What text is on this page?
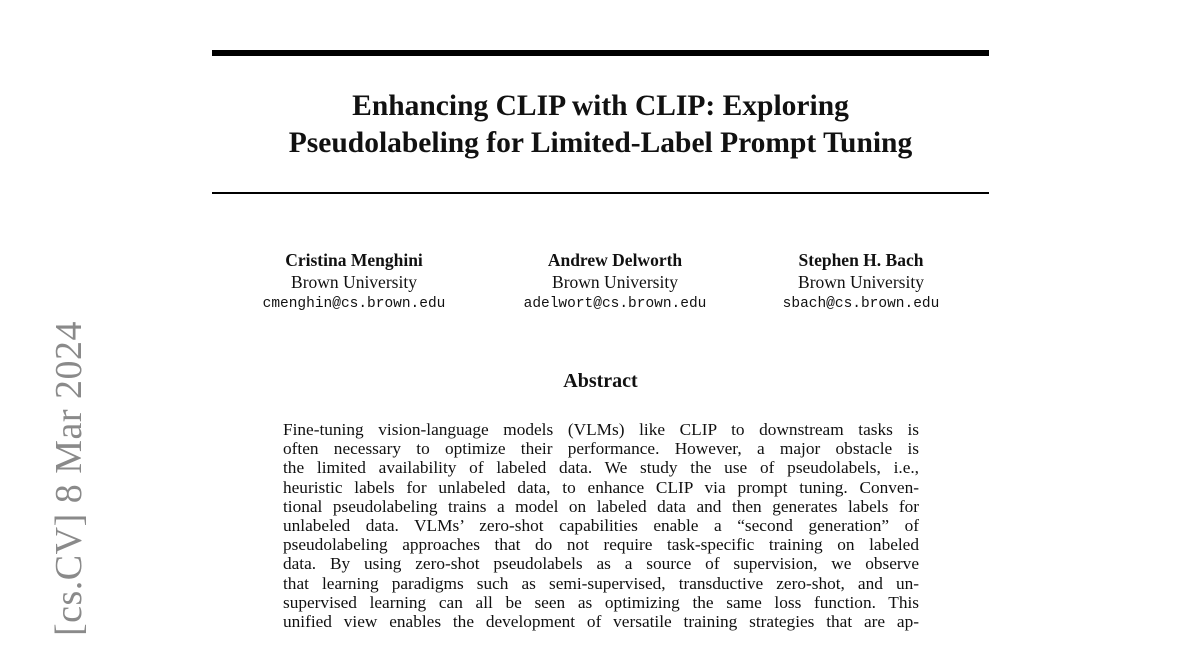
Enhancing CLIP with CLIP: Exploring
Pseudolabeling for Limited-Label Prompt Tuning
Cristina Menghini
Brown University
cmenghin@cs.brown.edu
Andrew Delworth
Brown University
adelwort@cs.brown.edu
Stephen H. Bach
Brown University
sbach@cs.brown.edu
Abstract
Fine-tuning vision-language models (VLMs) like CLIP to downstream tasks is
often necessary to optimize their performance. However, a major obstacle is
the limited availability of labeled data. We study the use of pseudolabels, i.e.,
heuristic labels for unlabeled data, to enhance CLIP via prompt tuning. Conven-
tional pseudolabeling trains a model on labeled data and then generates labels for
unlabeled data. VLMs’ zero-shot capabilities enable a “second generation” of
pseudolabeling approaches that do not require task-specific training on labeled
data. By using zero-shot pseudolabels as a source of supervision, we observe
that learning paradigms such as semi-supervised, transductive zero-shot, and un-
supervised learning can all be seen as optimizing the same loss function. This
unified view enables the development of versatile training strategies that are ap-
[cs.CV] 8 Mar 2024
